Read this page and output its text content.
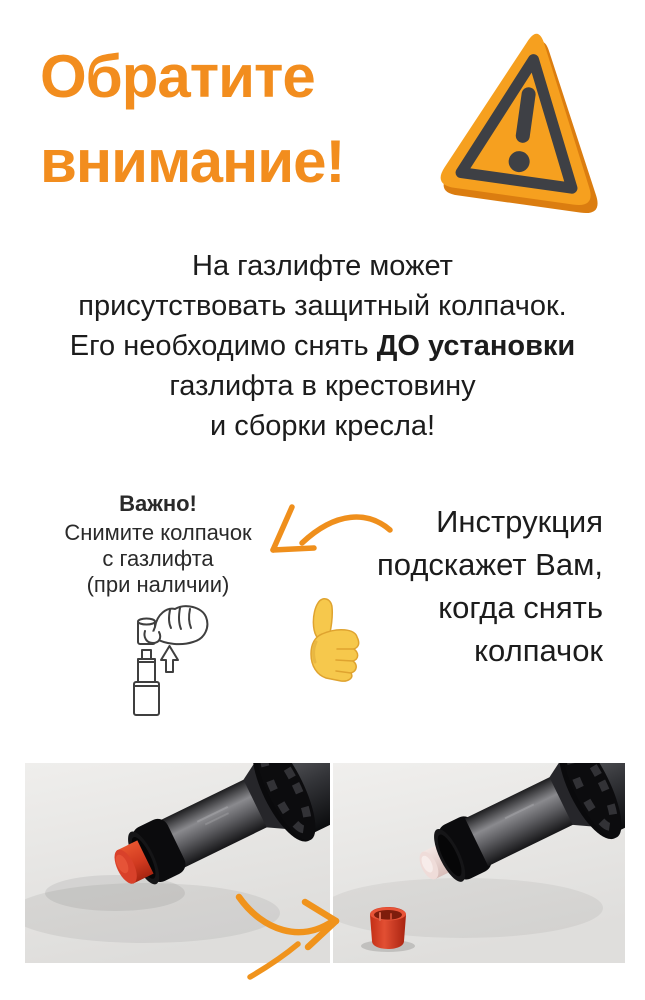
Обратите
внимание!
На газлифте может
присутствовать защитный колпачок.
Его необходимо снять ДО установки
газлифта в крестовину
и сборки кресла!
Важно!
Снимите колпачок
с газлифта
(при наличии)
Инструкция
подскажет Вам,
когда снять
колпачок
